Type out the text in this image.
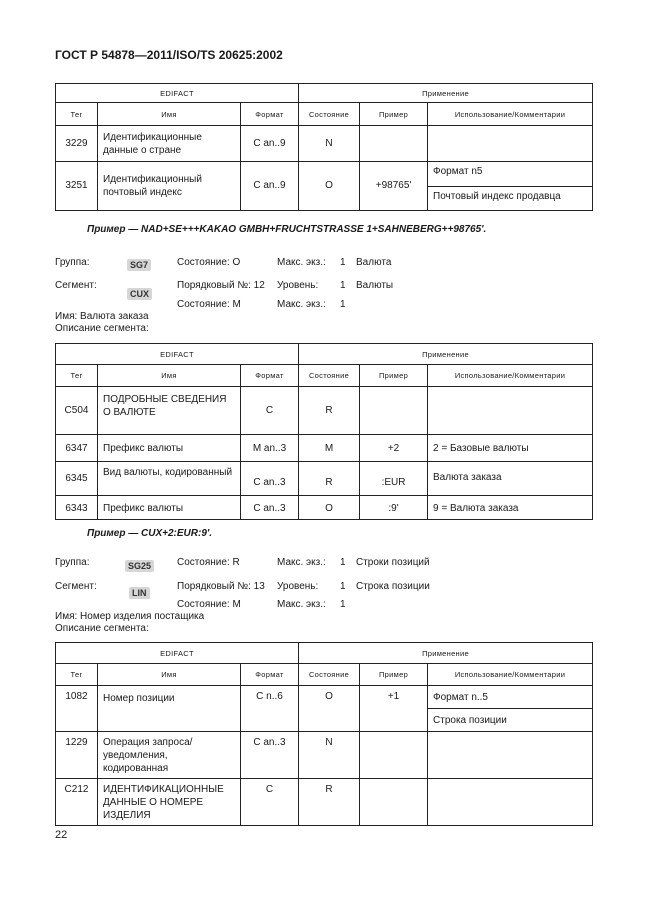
ГОСТ Р 54878—2011/ISO/TS 20625:2002
EDIFACT			Применение		
Тег	Имя	Формат	Состояние	Пример	Использование/Комментарии
3229	Идентификационные данные о стране	C an..9	N		
3251	Идентификационный почтовый индекс	C an..9	O	+98765'	Формат n5
Почтовый индекс продавца
Пример — NAD+SE+++KAKAO GMBH+FRUCHTSTRASSE 1+SAHNEBERG++98765'.
Группа:	SG7	Состояние: О	Макс. экз.: 1 Валюта
Сегмент:
CUX
Порядковый №: 12 Уровень: 1 Валюты
Состояние: М	Макс. экз.: 1
Имя: Валюта заказа
Описание сегмента:
EDIFACT			Применение		
Тег	Имя	Формат	Состояние	Пример	Использование/Комментарии
C504	ПОДРОБНЫЕ СВЕДЕНИЯ О ВАЛЮТЕ	C	R		
6347	Префикс валюты	M an..3	M	+2	2 = Базовые валюты
6345	Вид валюты, кодированный	C an..3	R	:EUR	Валюта заказа
6343	Префикс валюты	C an..3	O	:9'	9 = Валюта заказа
Пример — CUX+2:EUR:9'.
Группа:	SG25	Состояние: R	Макс. экз.: 1 Строки позиций
Сегмент:
LIN
Порядковый №: 13 Уровень: 1 Строка позиции
Состояние: М	Макс. экз.: 1
Имя: Номер изделия постащика
Описание сегмента:
EDIFACT			Применение		
Тег	Имя	Формат	Состояние	Пример	Использование/Комментарии
1082	Номер позиции	C n..6	O	+1	Формат n..5
Строка позиции

1229	Операция запроса/ уведомления, кодированная	C an..3	N		
C212	ИДЕНТИФИКАЦИОННЫЕ ДАННЫЕ О НОМЕРЕ ИЗДЕЛИЯ	C	R		
22
